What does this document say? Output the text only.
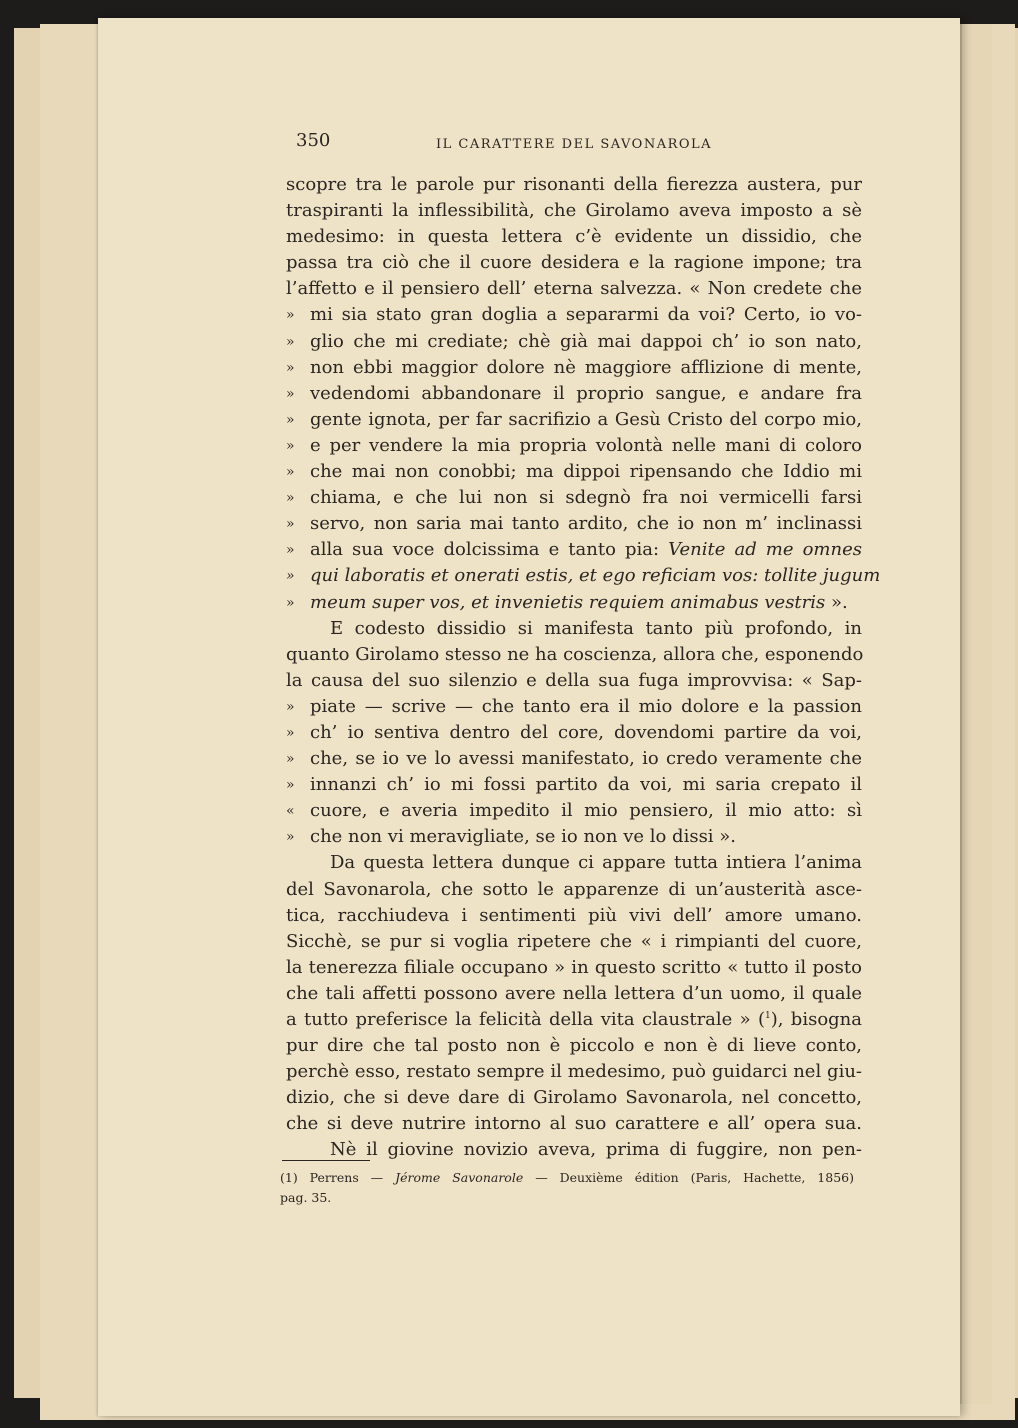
350	IL CARATTERE DEL SAVONAROLA
scopre tra le parole pur risonanti della fierezza austera, pur
traspiranti la inflessibilità, che Girolamo aveva imposto a sè
medesimo: in questa lettera c’è evidente un dissidio, che
passa tra ciò che il cuore desidera e la ragione impone; tra
l’affetto e il pensiero dell’ eterna salvezza. « Non credete che
» mi sia stato gran doglia a separarmi da voi? Certo, io vo-
» glio che mi crediate; chè già mai dappoi ch’ io son nato,
» non ebbi maggior dolore nè maggiore afflizione di mente,
» vedendomi abbandonare il proprio sangue, e andare fra
» gente ignota, per far sacrifizio a Gesù Cristo del corpo mio,
» e per vendere la mia propria volontà nelle mani di coloro
» che mai non conobbi; ma dippoi ripensando che Iddio mi
» chiama, e che lui non si sdegnò fra noi vermicelli farsi
» servo, non saria mai tanto ardito, che io non m’ inclinassi
» alla sua voce dolcissima e tanto pia: Venite ad me omnes
» qui laboratis et onerati estis, et ego reficiam vos: tollite jugum
» meum super vos, et invenietis requiem animabus vestris ».
E codesto dissidio si manifesta tanto più profondo, in
quanto Girolamo stesso ne ha coscienza, allora che, esponendo
la causa del suo silenzio e della sua fuga improvvisa: « Sap-
» piate — scrive — che tanto era il mio dolore e la passion
» ch’ io sentiva dentro del core, dovendomi partire da voi,
» che, se io ve lo avessi manifestato, io credo veramente che
» innanzi ch’ io mi fossi partito da voi, mi saria crepato il
« cuore, e averia impedito il mio pensiero, il mio atto: sì
» che non vi meravigliate, se io non ve lo dissi ».
Da questa lettera dunque ci appare tutta intiera l’anima
del Savonarola, che sotto le apparenze di un’austerità asce-
tica, racchiudeva i sentimenti più vivi dell’ amore umano.
Sicchè, se pur si voglia ripetere che « i rimpianti del cuore,
la tenerezza filiale occupano » in questo scritto « tutto il posto
che tali affetti possono avere nella lettera d’un uomo, il quale
a tutto preferisce la felicità della vita claustrale » ($^1$), bisogna
pur dire che tal posto non è piccolo e non è di lieve conto,
perchè esso, restato sempre il medesimo, può guidarci nel giu-
dizio, che si deve dare di Girolamo Savonarola, nel concetto,
che si deve nutrire intorno al suo carattere e all’ opera sua.
Nè il giovine novizio aveva, prima di fuggire, non pen-
(1) Perrens — Jérome Savonarole — Deuxième édition (Paris, Hachette, 1856)
pag. 35.
